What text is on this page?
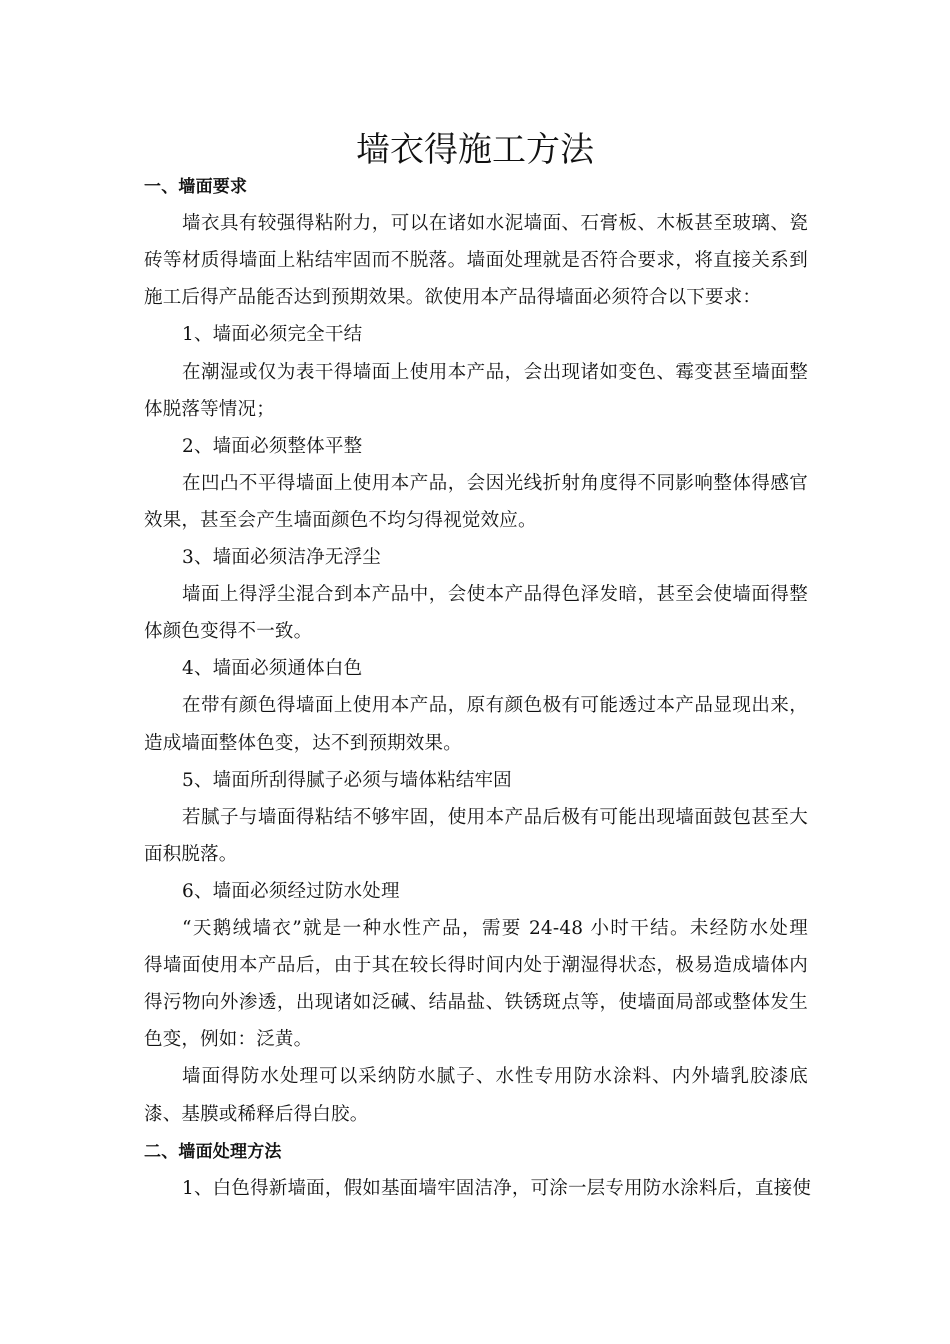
墙衣得施工方法
一、墙面要求
墙衣具有较强得粘附力，可以在诸如水泥墙面、石膏板、木板甚至玻璃、瓷
砖等材质得墙面上粘结牢固而不脱落。墙面处理就是否符合要求，将直接关系到
施工后得产品能否达到预期效果。欲使用本产品得墙面必须符合以下要求：
1、墙面必须完全干结
在潮湿或仅为表干得墙面上使用本产品，会出现诸如变色、霉变甚至墙面整
体脱落等情况；
2、墙面必须整体平整
在凹凸不平得墙面上使用本产品，会因光线折射角度得不同影响整体得感官
效果，甚至会产生墙面颜色不均匀得视觉效应。
3、墙面必须洁净无浮尘
墙面上得浮尘混合到本产品中，会使本产品得色泽发暗，甚至会使墙面得整
体颜色变得不一致。
4、墙面必须通体白色
在带有颜色得墙面上使用本产品，原有颜色极有可能透过本产品显现出来，
造成墙面整体色变，达不到预期效果。
5、墙面所刮得腻子必须与墙体粘结牢固
若腻子与墙面得粘结不够牢固，使用本产品后极有可能出现墙面鼓包甚至大
面积脱落。
6、墙面必须经过防水处理
“天鹅绒墙衣”就是一种水性产品，需要 24-48 小时干结。未经防水处理
得墙面使用本产品后，由于其在较长得时间内处于潮湿得状态，极易造成墙体内
得污物向外渗透，出现诸如泛碱、结晶盐、铁锈斑点等，使墙面局部或整体发生
色变，例如：泛黄。
墙面得防水处理可以采纳防水腻子、水性专用防水涂料、内外墙乳胶漆底
漆、基膜或稀释后得白胶。
二、墙面处理方法
1、白色得新墙面，假如基面墙牢固洁净，可涂一层专用防水涂料后，直接使
